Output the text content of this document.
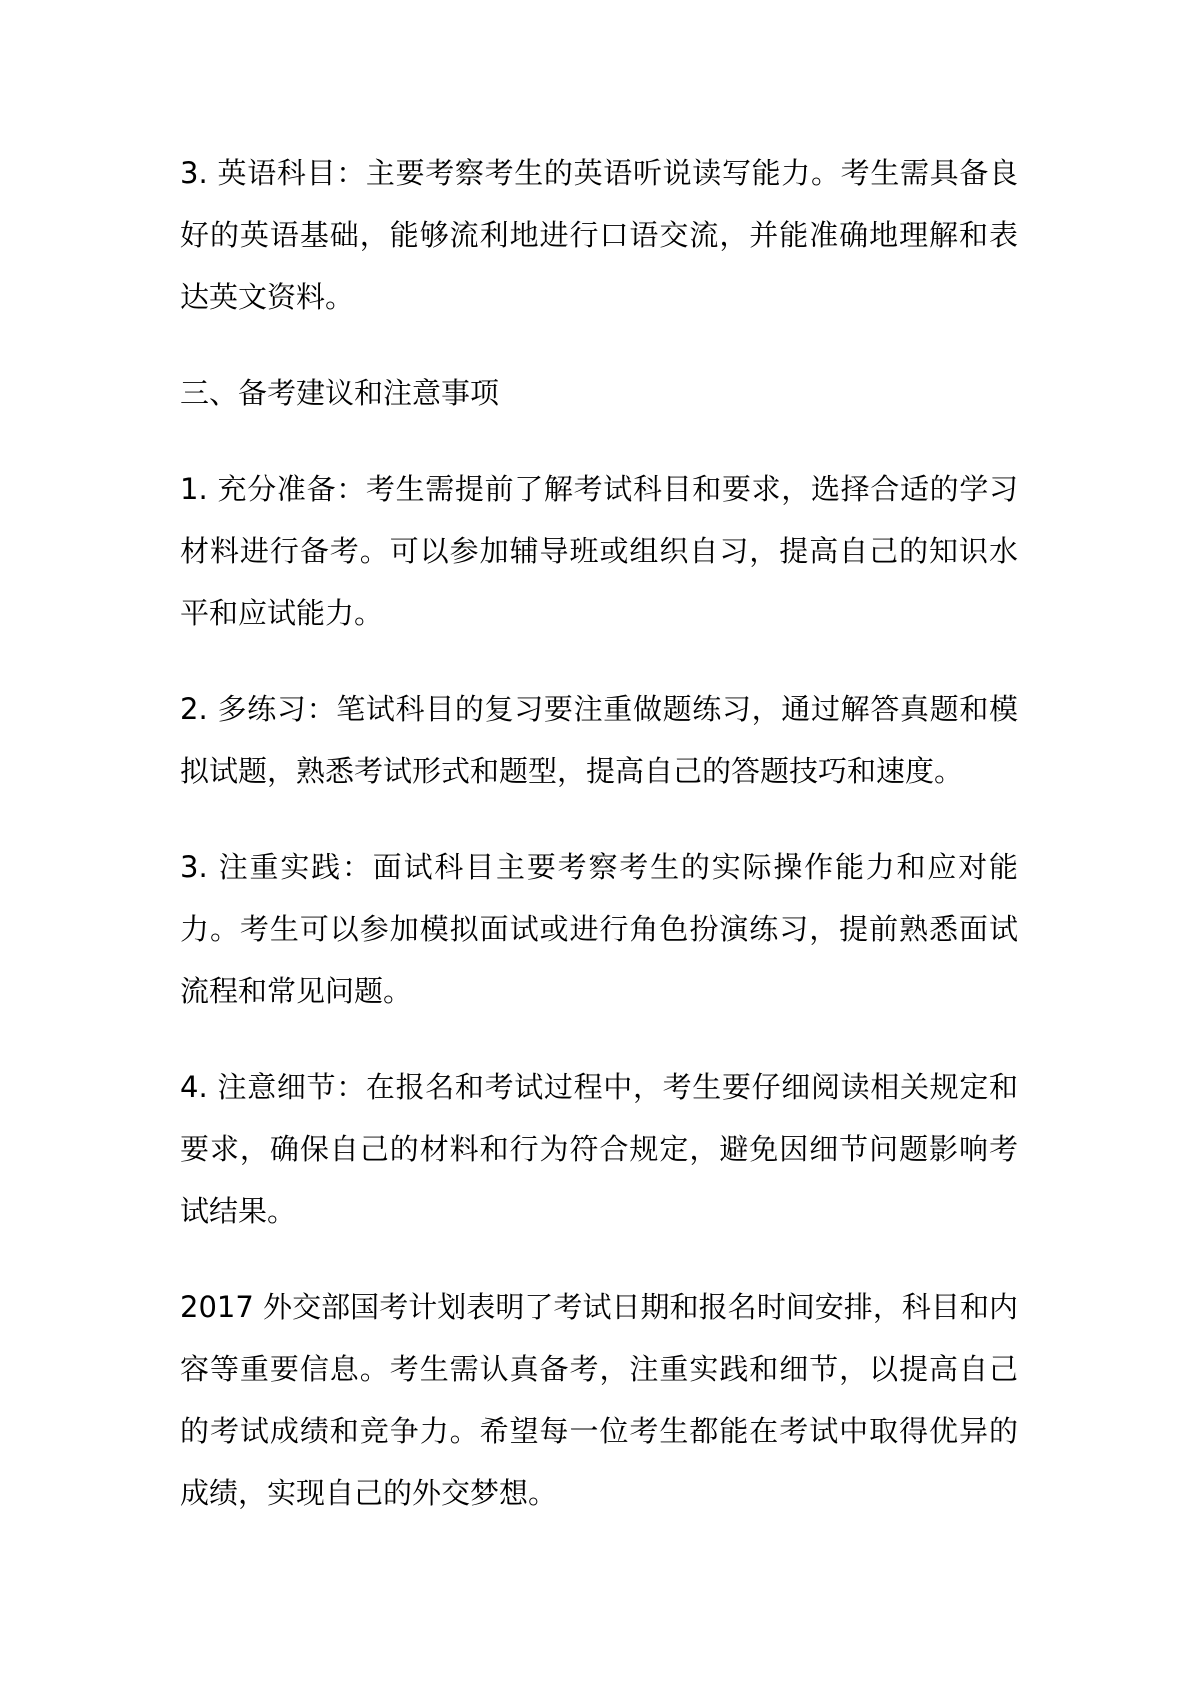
3. 英语科目：主要考察考生的英语听说读写能力。考生需具备良好的英语基础，能够流利地进行口语交流，并能准确地理解和表达英文资料。

三、备考建议和注意事项

1. 充分准备：考生需提前了解考试科目和要求，选择合适的学习材料进行备考。可以参加辅导班或组织自习，提高自己的知识水平和应试能力。

2. 多练习：笔试科目的复习要注重做题练习，通过解答真题和模拟试题，熟悉考试形式和题型，提高自己的答题技巧和速度。

3. 注重实践：面试科目主要考察考生的实际操作能力和应对能力。考生可以参加模拟面试或进行角色扮演练习，提前熟悉面试流程和常见问题。

4. 注意细节：在报名和考试过程中，考生要仔细阅读相关规定和要求，确保自己的材料和行为符合规定，避免因细节问题影响考试结果。

2017 外交部国考计划表明了考试日期和报名时间安排，科目和内容等重要信息。考生需认真备考，注重实践和细节，以提高自己的考试成绩和竞争力。希望每一位考生都能在考试中取得优异的成绩，实现自己的外交梦想。
